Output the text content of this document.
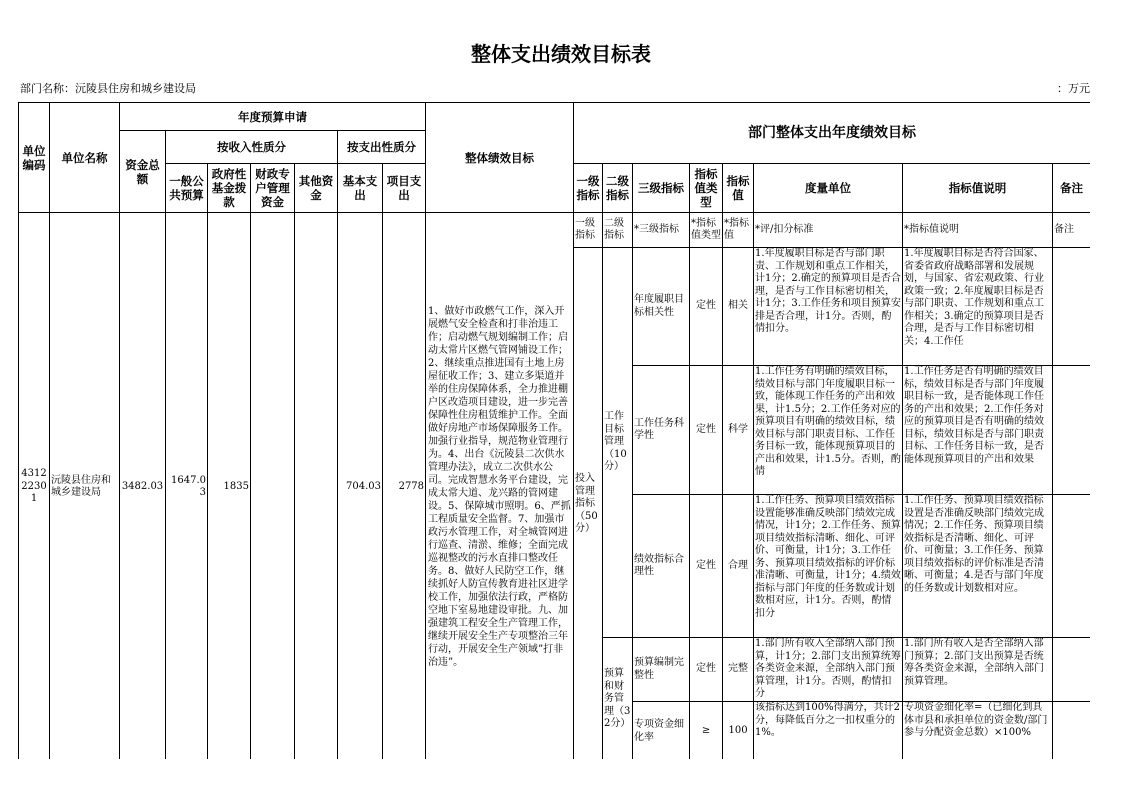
整体支出绩效目标表
部门名称：沅陵县住房和城乡建设局	：万元
单位编码	单位名称	年度预算申请							整体绩效目标	部门整体支出年度绩效目标							
		资金总额	按收入性质分				按支出性质分										
			一般公共预算	政府性基金拨款	财政专户管理资金	其他资金	基本支出	项目支出		一级指标	二级指标	三级指标	指标值类型	指标值	度量单位	指标值说明	备注
43122230 1	沅陵县住房和城乡建设局	3482.03	1647.03	1835			704.03	2778	1、做好市政燃气工作，深入开展燃气安全检查和打非治违工作；启动燃气规划编制工作；启动太常片区燃气管网铺设工作；2、继续重点推进国有土地上房屋征收工作；3、建立多渠道并举的住房保障体系，全力推进棚户区改造项目建设，进一步完善保障性住房租赁维护工作。全面做好房地产市场保障服务工作。加强行业指导，规范物业管理行为。4、出台《沅陵县二次供水管理办法》，成立二次供水公司。完成智慧水务平台建设，完成太常大道、龙兴路的管网建设。5、保障城市照明。6、严抓工程质量安全监督。7、加强市政污水管理工作，对全城管网进行巡查、清淤、维修；全面完成巡视整改的污水直排口整改任务。8、做好人民防空工作，继续抓好人防宣传教育进社区进学校工作，加强依法行政，严格防空地下室易地建设审批。九、加强建筑工程安全生产管理工作，继续开展安全生产专项整治三年行动，开展安全生产领域”打非治违”。	一级指标	二级指标	*三级指标	*指标值类型	*指标值	*评/扣分标准	*指标值说明	备注
										投入管理指标（50分）	工作目标管理（10分）	年度履职目标相关性	定性	相关	1.年度履职目标是否与部门职责、工作规划和重点工作相关，计1分；2.确定的预算项目是否合理，是否与工作目标密切相关，计1分；3.工作任务和项目预算安排是否合理，计1分。否则，酌情扣分。	1.年度履职目标是否符合国家、省委省政府战略部署和发展规划，与国家、省宏观政策、行业政策一致；2.年度履职目标是否与部门职责、工作规划和重点工作相关；3.确定的预算项目是否合理，是否与工作目标密切相关；4.工作任	
												工作任务科学性	定性	科学	1.工作任务有明确的绩效目标，绩效目标与部门年度履职目标一致，能体现工作任务的产出和效果，计1.5分；2.工作任务对应的预算项目有明确的绩效目标，绩效目标与部门职责目标、工作任务目标一致，能体现预算项目的产出和效果，计1.5分。否则，酌情	1.工作任务是否有明确的绩效目标，绩效目标是否与部门年度履职目标一致，是否能体现工作任务的产出和效果；2.工作任务对应的预算项目是否有明确的绩效目标，绩效目标是否与部门职责目标、工作任务目标一致，是否能体现预算项目的产出和效果	
												绩效指标合理性	定性	合理	1.工作任务、预算项目绩效指标设置能够准确反映部门绩效完成情况，计1分；2.工作任务、预算项目绩效指标清晰、细化、可评价、可衡量，计1分；3.工作任务、预算项目绩效指标的评价标准清晰、可衡量，计1分；4.绩效指标与部门年度的任务数或计划数相对应，计1分。否则，酌情扣分	1.工作任务、预算项目绩效指标设置是否准确反映部门绩效完成情况；2.工作任务、预算项目绩效指标是否清晰、细化、可评价、可衡量；3.工作任务、预算项目绩效指标的评价标准是否清晰、可衡量；4.是否与部门年度的任务数或计划数相对应。	
											预算和财务管理（32分）	预算编制完整性	定性	完整	1.部门所有收入全部纳入部门预算，计1分；2.部门支出预算统筹各类资金来源，全部纳入部门预算管理，计1分。否则，酌情扣分	1.部门所有收入是否全部纳入部门预算；2.部门支出预算是否统筹各类资金来源，全部纳入部门预算管理。	
												专项资金细化率	≥	100	该指标达到100%得满分，共计2分，每降低百分之一扣权重分的1%。	专项资金细化率=（已细化到具体市县和承担单位的资金数/部门参与分配资金总数）×100%	
